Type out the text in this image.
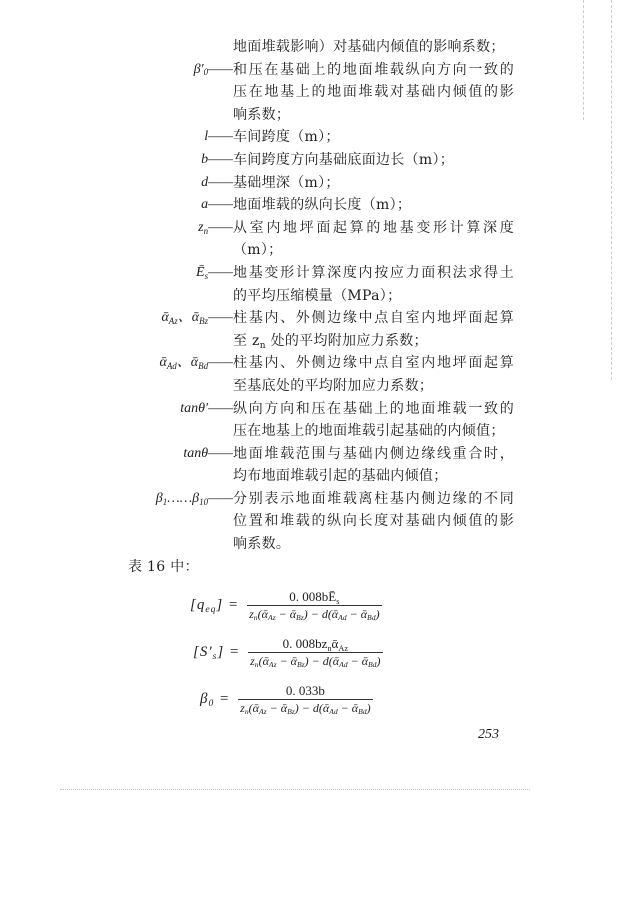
地面堆载影响）对基础内倾值的影响系数；
$\beta'_0——$ 和压在基础上的地面堆载纵向方向一致的
压在地基上的地面堆载对基础内倾值的影
响系数；
l—— 车间跨度（m）；
b—— 车间跨度方向基础底面边长（m）；
d—— 基础埋深（m）；
a—— 地面堆载的纵向长度（m）；
$z_n——$ 从室内地坪面起算的地基变形计算深度
（m）；
$Ē_s——$ 地基变形计算深度内按应力面积法求得土
的平均压缩模量（MPa）；
ᾱ$_{Az}$、ᾱ$_{Bz}$—— 柱基内、外侧边缘中点自室内地坪面起算
至 $z_n$ 处的平均附加应力系数；
ᾱ$_{Ad}$、ᾱ$_{Bd}$—— 柱基内、外侧边缘中点自室内地坪面起算
至基底处的平均附加应力系数；
tanθ′—— 纵向方向和压在基础上的地面堆载一致的
压在地基上的地面堆载引起基础的内倾值；
tanθ—— 地面堆载范围与基础内侧边缘线重合时，
均布地面堆载引起的基础内倾值；
$\beta_1\dots\dots\beta_{10}——$ 分别表示地面堆载离柱基内侧边缘的不同
位置和堆载的纵向长度对基础内倾值的影
响系数。
表 16 中：
$[q_{eq}] = \frac{0. 008bĒ_s}{z_n(ᾱ_{Az} - ᾱ_{Bz}) - d(ᾱ_{Ad} - ᾱ_{Bd})}$
$[S'_s] = \frac{0. 008bz_nᾱ_{Az}}{z_n(ᾱ_{Az} - ᾱ_{Bz}) - d(ᾱ_{Ad} - ᾱ_{Bd})}$
$\beta_0 = \frac{0. 033b}{z_n(ᾱ_{Az} - ᾱ_{Bz}) - d(ᾱ_{Ad} - ᾱ_{Bd})}$
253
